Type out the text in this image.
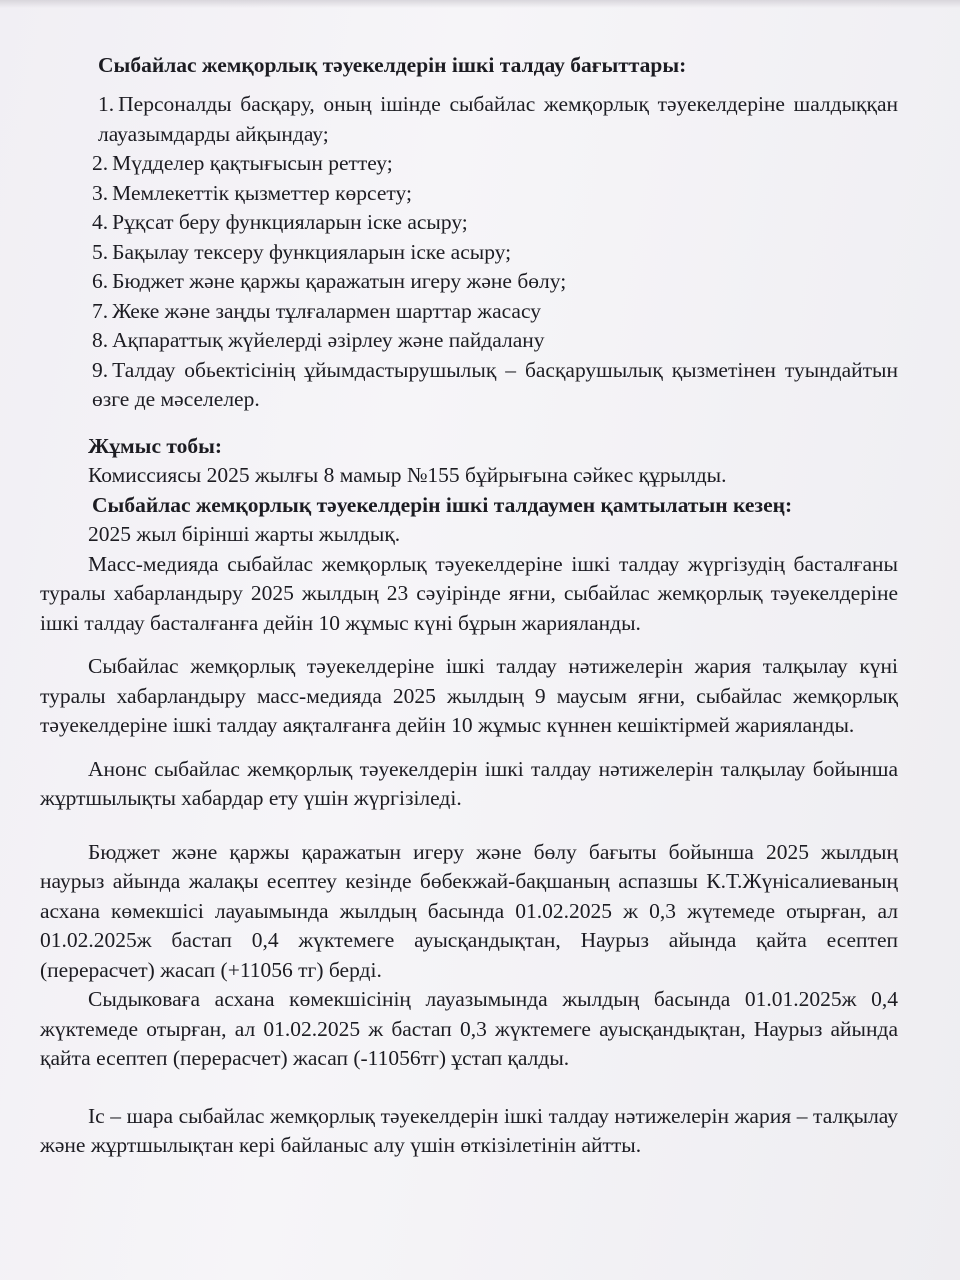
Сыбайлас жемқорлық тәуекелдерін ішкі талдау бағыттары:

1. Персоналды басқару, оның ішінде сыбайлас жемқорлық тәуекелдеріне шалдыққан лауазымдарды айқындау;
2. Мүдделер қақтығысын реттеу;
3. Мемлекеттік қызметтер көрсету;
4. Рұқсат беру функцияларын іске асыру;
5. Бақылау тексеру функцияларын іске асыру;
6. Бюджет және қаржы қаражатын игеру және бөлу;
7. Жеке және заңды тұлғалармен шарттар жасасу
8. Ақпараттық жүйелерді әзірлеу және пайдалану
9. Талдау обьектісінің ұйымдастырушылық – басқарушылық қызметінен туындайтын өзге де мәселелер.

Жұмыс тобы:

Комиссиясы 2025 жылғы 8 мамыр №155 бұйрығына сәйкес құрылды.

Сыбайлас жемқорлық тәуекелдерін ішкі талдаумен қамтылатын кезең:

2025 жыл бірінші жарты жылдық.

Масс-медияда сыбайлас жемқорлық тәуекелдеріне ішкі талдау жүргізудің басталғаны туралы хабарландыру 2025 жылдың 23 сәуірінде яғни, сыбайлас жемқорлық тәуекелдеріне ішкі талдау басталғанға дейін 10 жұмыс күні бұрын жарияланды.

Сыбайлас жемқорлық тәуекелдеріне ішкі талдау нәтижелерін жария талқылау күні туралы хабарландыру масс-медияда 2025 жылдың 9 маусым яғни, сыбайлас жемқорлық тәуекелдеріне ішкі талдау аяқталғанға дейін 10 жұмыс күннен кешіктірмей жарияланды.

Анонс сыбайлас жемқорлық тәуекелдерін ішкі талдау нәтижелерін талқылау бойынша жұртшылықты хабардар ету үшін жүргізіледі.

Бюджет және қаржы қаражатын игеру және бөлу бағыты бойынша 2025 жылдың наурыз айында жалақы есептеу кезінде бөбекжай-бақшаның аспазшы К.Т.Жүнісалиеваның асхана көмекшісі лауаымында жылдың басында 01.02.2025 ж 0,3 жүтемеде отырған, ал 01.02.2025ж бастап 0,4 жүктемеге ауысқандықтан, Наурыз айында қайта есептеп (перерасчет) жасап (+11056 тг) берді.

Сыдыковаға асхана көмекшісінің лауазымында жылдың басында 01.01.2025ж 0,4 жүктемеде отырған, ал 01.02.2025 ж бастап 0,3 жүктемеге ауысқандықтан, Наурыз айында қайта есептеп (перерасчет) жасап (-11056тг) ұстап қалды.

Іс – шара сыбайлас жемқорлық тәуекелдерін ішкі талдау нәтижелерін жария – талқылау және жұртшылықтан кері байланыс алу үшін өткізілетінін айтты.
